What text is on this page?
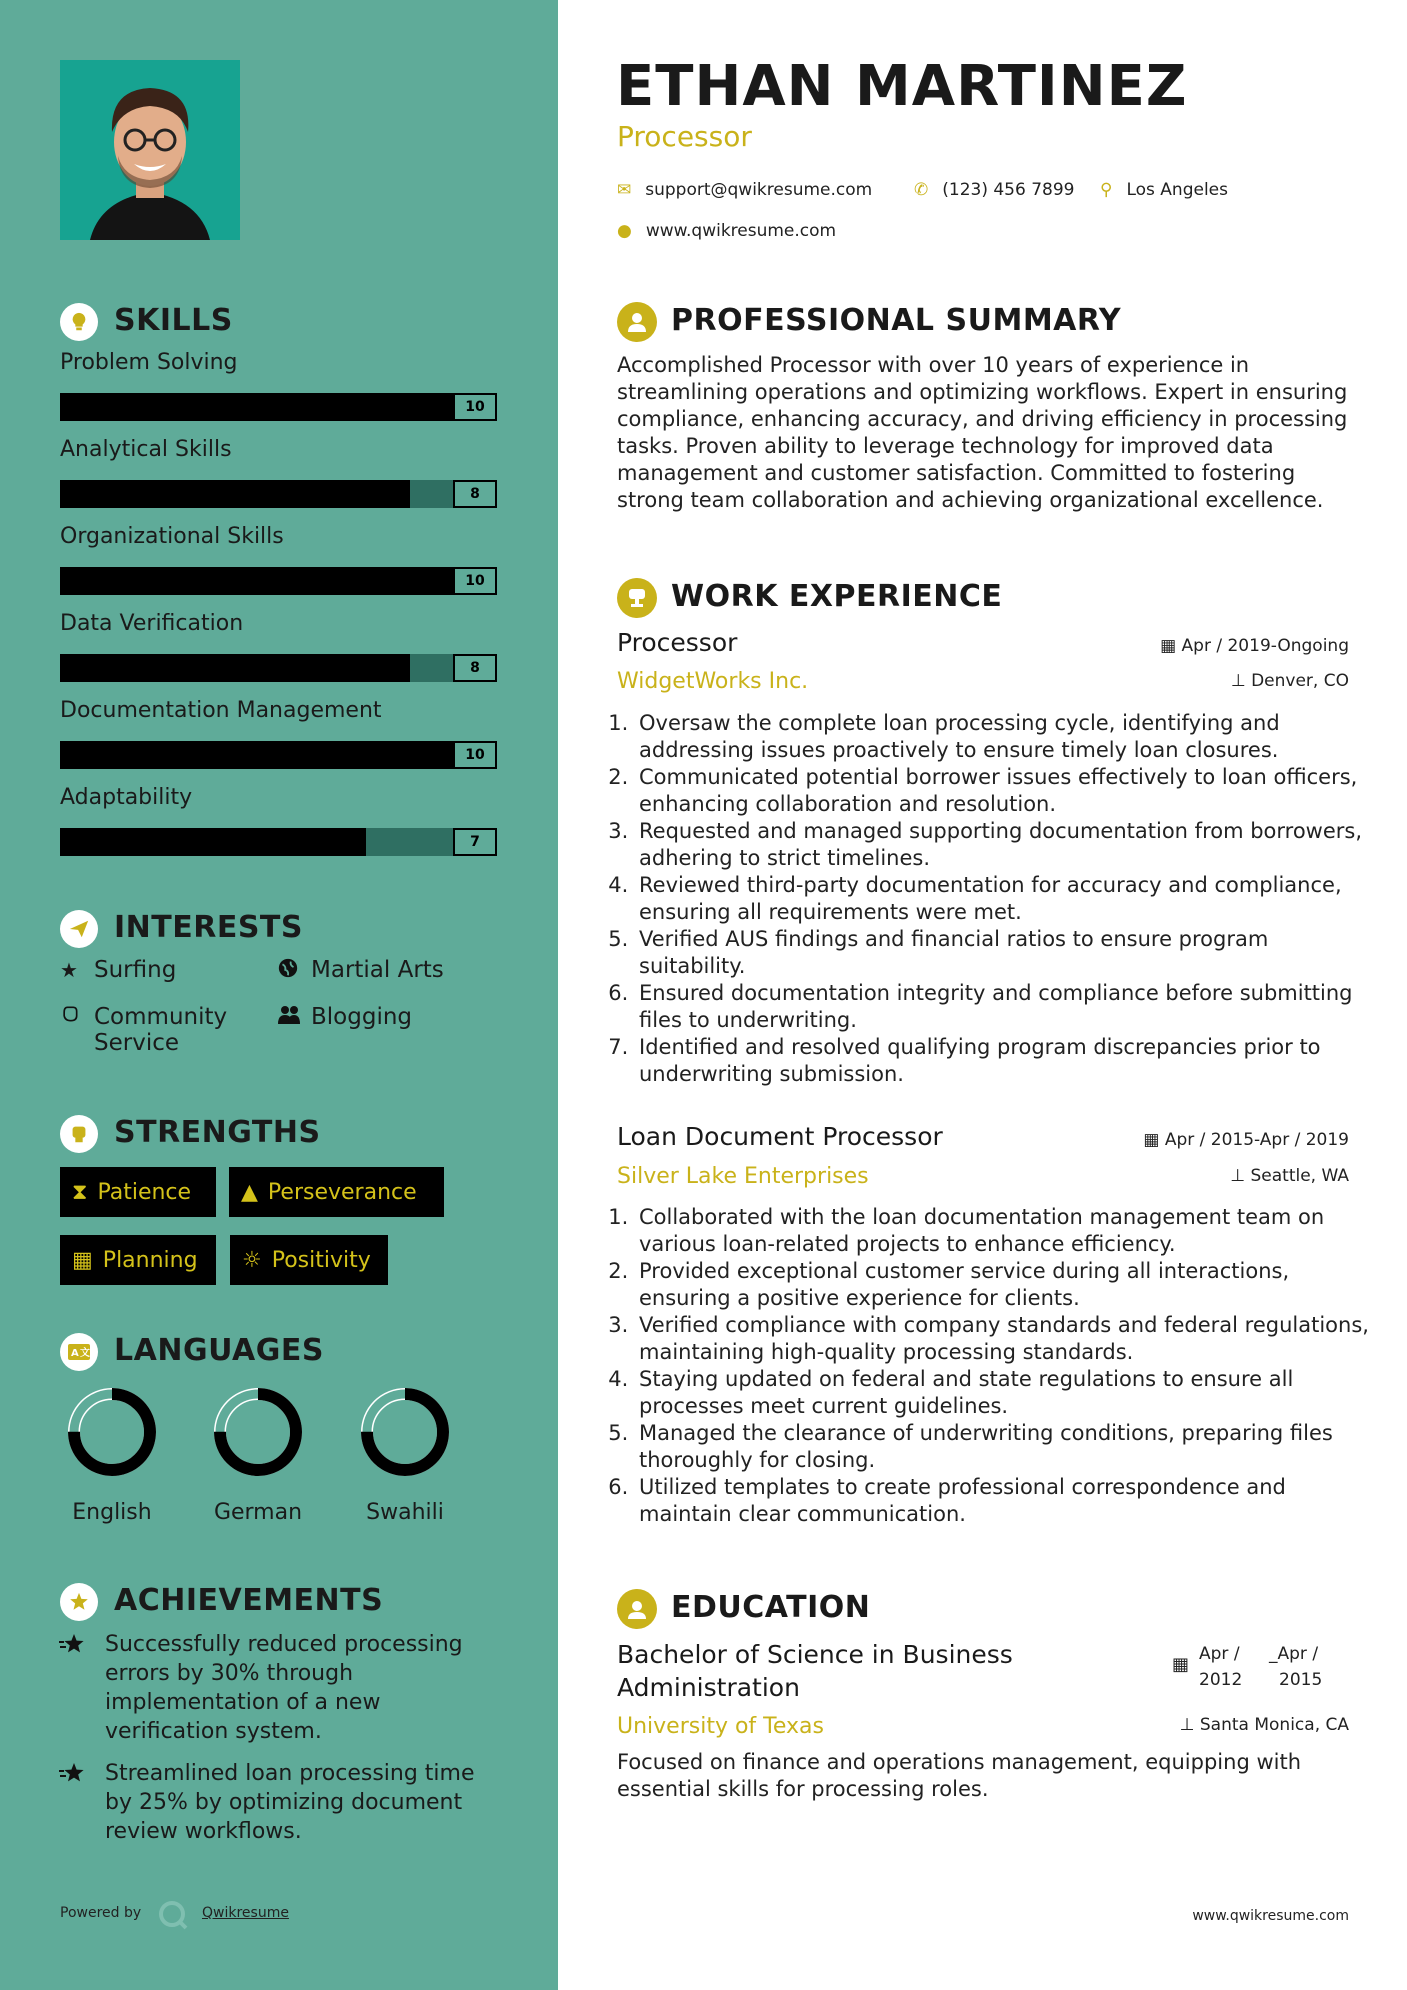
SKILLS
Problem Solving
10
Analytical Skills
8
Organizational Skills
10
Data Verification
8
Documentation Management
10
Adaptability
7
INTERESTS
★ Surfing	Martial Arts
Community Service
Blogging
STRENGTHS
⧗ Patience ▲ Perseverance
▦ Planning ☼ Positivity
A 文 LANGUAGES
English	German	Swahili
ACHIEVEMENTS
Successfully reduced processing errors by 30% through implementation of a new verification system.
Streamlined loan processing time by 25% by optimizing document review workflows.
Powered by	Qwikresume
ETHAN MARTINEZ
Processor
✉ support@qwikresume.com ✆ (123) 456 7899 ⚲ Los Angeles
● www.qwikresume.com
PROFESSIONAL SUMMARY
Accomplished Processor with over 10 years of experience in streamlining operations and optimizing workflows. Expert in ensuring compliance, enhancing accuracy, and driving efficiency in processing tasks. Proven ability to leverage technology for improved data management and customer satisfaction. Committed to fostering strong team collaboration and achieving organizational excellence.
WORK EXPERIENCE
Processor	▦ Apr / 2019-Ongoing
WidgetWorks Inc.	⊥ Denver, CO
1. Oversaw the complete loan processing cycle, identifying and addressing issues proactively to ensure timely loan closures.
2. Communicated potential borrower issues effectively to loan officers, enhancing collaboration and resolution.
3. Requested and managed supporting documentation from borrowers, adhering to strict timelines.
4. Reviewed third-party documentation for accuracy and compliance, ensuring all requirements were met.
5. Verified AUS findings and financial ratios to ensure program suitability.
6. Ensured documentation integrity and compliance before submitting files to underwriting.
7. Identified and resolved qualifying program discrepancies prior to underwriting submission.
Loan Document Processor	▦ Apr / 2015-Apr / 2019
Silver Lake Enterprises	⊥ Seattle, WA
1. Collaborated with the loan documentation management team on various loan-related projects to enhance efficiency.
2. Provided exceptional customer service during all interactions, ensuring a positive experience for clients.
3. Verified compliance with company standards and federal regulations, maintaining high-quality processing standards.
4. Staying updated on federal and state regulations to ensure all processes meet current guidelines.
5. Managed the clearance of underwriting conditions, preparing files thoroughly for closing.
6. Utilized templates to create professional correspondence and maintain clear communication.
EDUCATION
Bachelor of Science in Business Administration
▦ Apr /
2012
_Apr /
2015
University of Texas	⊥ Santa Monica, CA
Focused on finance and operations management, equipping with essential skills for processing roles.
www.qwikresume.com
